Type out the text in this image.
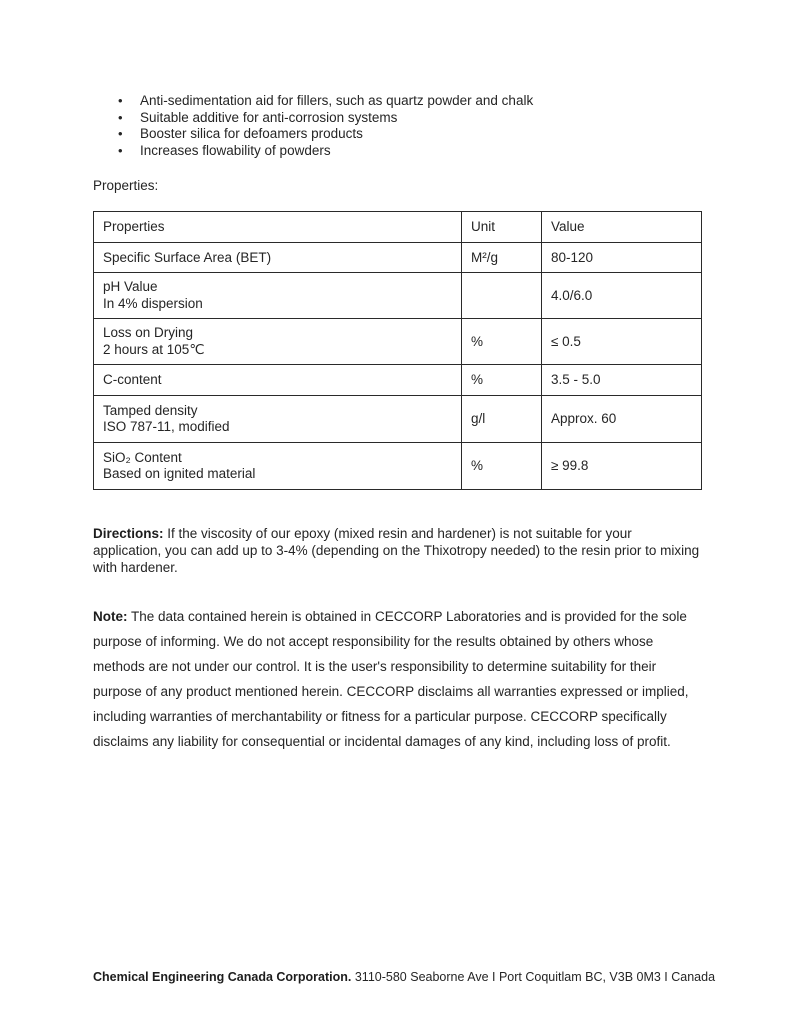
•	Anti-sedimentation aid for fillers, such as quartz powder and chalk
•	Suitable additive for anti-corrosion systems
•	Booster silica for defoamers products
•	Increases flowability of powders
Properties:
Properties	Unit	Value

Specific Surface Area (BET)	M²/g	80-120

pH Value
In 4% dispersion		4.0/6.0

Loss on Drying
2 hours at 105℃	%	≤ 0.5

C-content	%	3.5 - 5.0

Tamped density
ISO 787-11, modified	g/l	Approx. 60

SiO₂ Content
Based on ignited material	%	≥ 99.8

Directions: If the viscosity of our epoxy (mixed resin and hardener) is not suitable for your application, you can add up to 3-4% (depending on the Thixotropy needed) to the resin prior to mixing with hardener.

Note: The data contained herein is obtained in CECCORP Laboratories and is provided for the sole purpose of informing. We do not accept responsibility for the results obtained by others whose methods are not under our control. It is the user's responsibility to determine suitability for their purpose of any product mentioned herein. CECCORP disclaims all warranties expressed or implied, including warranties of merchantability or fitness for a particular purpose. CECCORP specifically disclaims any liability for consequential or incidental damages of any kind, including loss of profit.

Chemical Engineering Canada Corporation. 3110-580 Seaborne Ave I Port Coquitlam BC, V3B 0M3 I Canada
